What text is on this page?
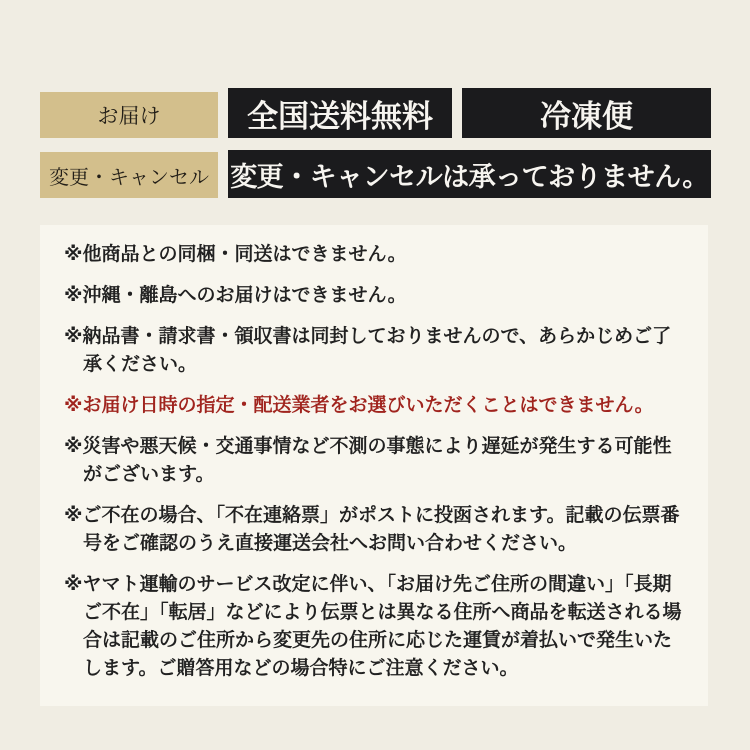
お届け	全国送料無料	冷凍便
変更・キャンセル 変更・キャンセルは承っておりません。

※他商品との同梱・同送はできません。

※沖縄・離島へのお届けはできません。

※納品書・請求書・領収書は同封しておりませんので、あらかじめご了承ください。

※お届け日時の指定・配送業者をお選びいただくことはできません。

※災害や悪天候・交通事情など不測の事態により遅延が発生する可能性がございます。

※ご不在の場合、「不在連絡票」がポストに投函されます。記載の伝票番号をご確認のうえ直接運送会社へお問い合わせください。

※ヤマト運輸のサービス改定に伴い、「お届け先ご住所の間違い」「長期ご不在」「転居」などにより伝票とは異なる住所へ商品を転送される場合は記載のご住所から変更先の住所に応じた運賃が着払いで発生いたします。ご贈答用などの場合特にご注意ください。
